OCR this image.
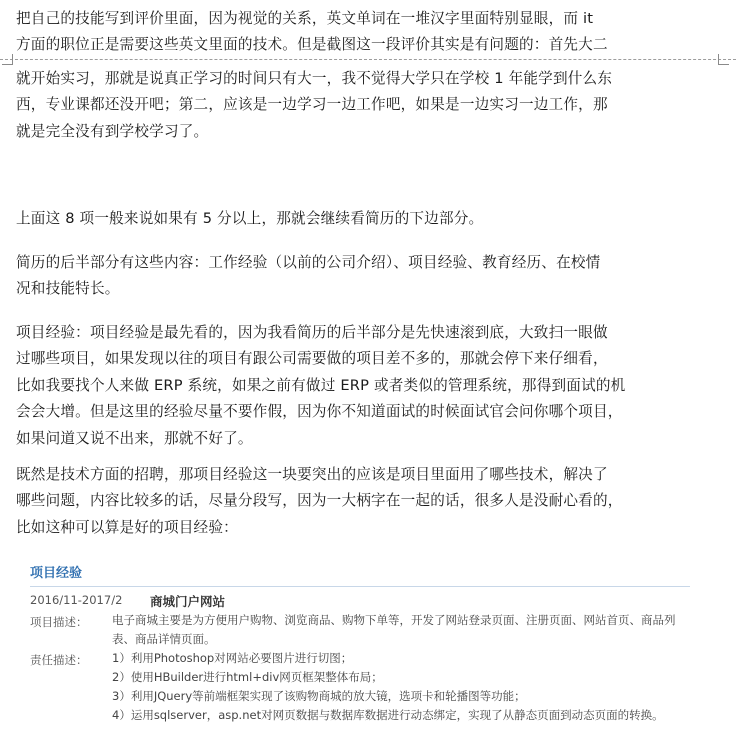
把自己的技能写到评价里面，因为视觉的关系，英文单词在一堆汉字里面特别显眼，而 it
方面的职位正是需要这些英文里面的技术。但是截图这一段评价其实是有问题的：首先大二
就开始实习，那就是说真正学习的时间只有大一，我不觉得大学只在学校 1 年能学到什么东
西，专业课都还没开吧；第二，应该是一边学习一边工作吧，如果是一边实习一边工作，那
就是完全没有到学校学习了。
上面这 8 项一般来说如果有 5 分以上，那就会继续看简历的下边部分。
简历的后半部分有这些内容：工作经验（以前的公司介绍）、项目经验、教育经历、在校情
况和技能特长。
项目经验：项目经验是最先看的，因为我看简历的后半部分是先快速滚到底，大致扫一眼做
过哪些项目，如果发现以往的项目有跟公司需要做的项目差不多的，那就会停下来仔细看，
比如我要找个人来做 ERP 系统，如果之前有做过 ERP 或者类似的管理系统，那得到面试的机
会会大增。但是这里的经验尽量不要作假，因为你不知道面试的时候面试官会问你哪个项目，
如果问道又说不出来，那就不好了。
既然是技术方面的招聘，那项目经验这一块要突出的应该是项目里面用了哪些技术，解决了
哪些问题，内容比较多的话，尽量分段写，因为一大柄字在一起的话，很多人是没耐心看的，
比如这种可以算是好的项目经验：
项目经验
2016/11-2017/2 商城门户网站
项目描述： 电子商城主要是为方便用户购物、浏览商品、购物下单等，开发了网站登录页面、注册页面、网站首页、商品列
表、商品详情页面。
责任描述： 1）利用Photoshop对网站必要图片进行切图；
2）使用HBuilder进行html+div网页框架整体布局；
3）利用JQuery等前端框架实现了该购物商城的放大镜，选项卡和轮播图等功能；
4）运用sqlserver，asp.net对网页数据与数据库数据进行动态绑定，实现了从静态页面到动态页面的转换。
